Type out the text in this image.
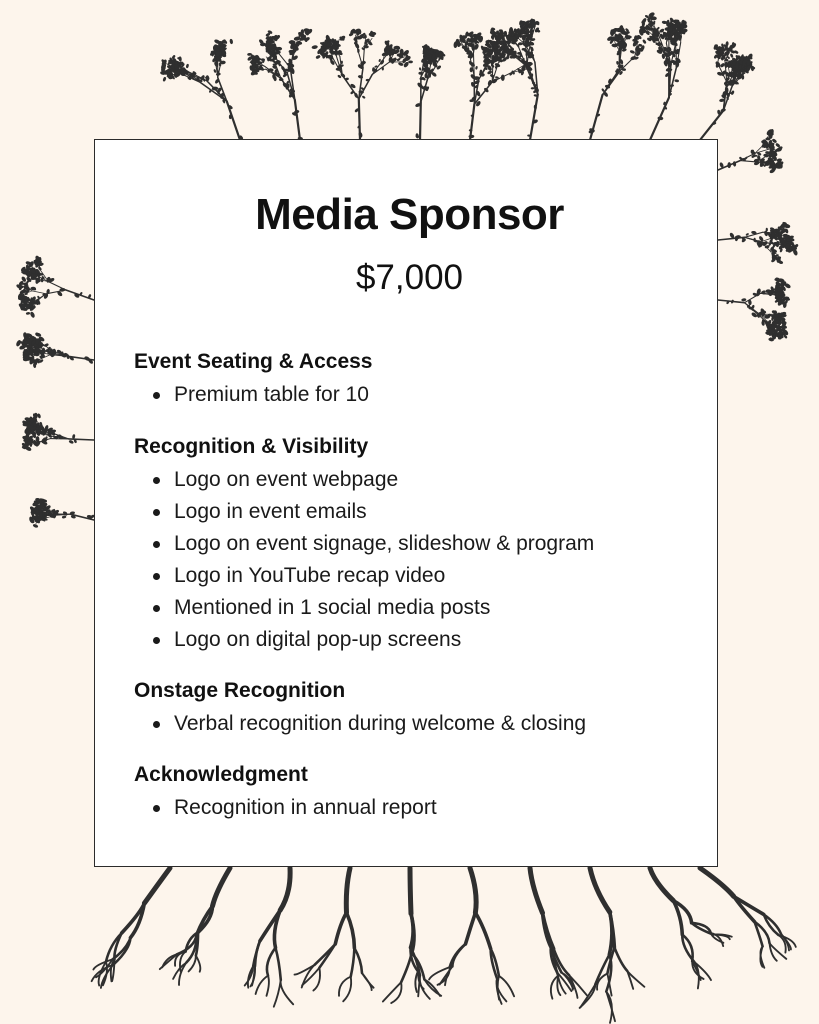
Media Sponsor
$7,000
Event Seating & Access
Premium table for 10
Recognition & Visibility
Logo on event webpage
Logo in event emails
Logo on event signage, slideshow & program
Logo in YouTube recap video
Mentioned in 1 social media posts
Logo on digital pop-up screens
Onstage Recognition
Verbal recognition during welcome & closing
Acknowledgment
Recognition in annual report
